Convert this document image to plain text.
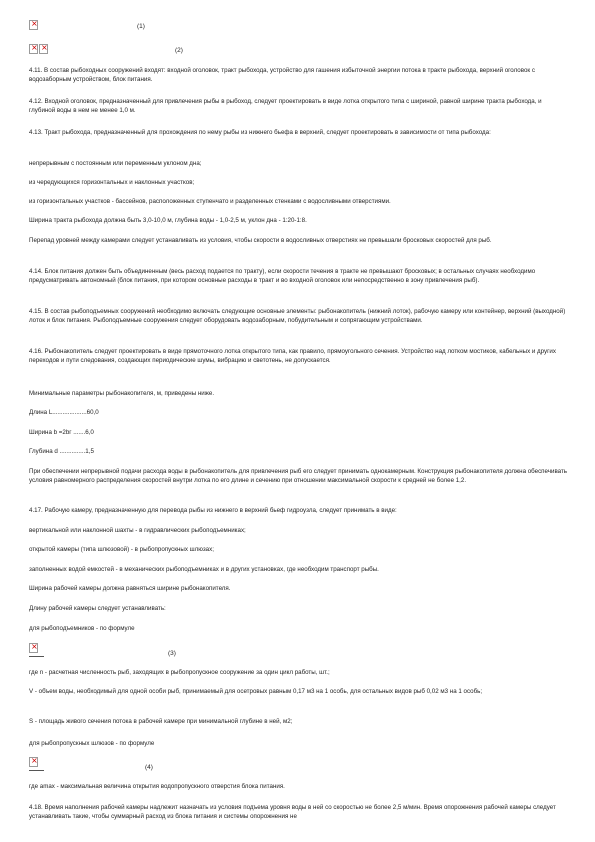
×
(1)
×
×
(2)

4.11. В состав рыбоходных сооружений входят: входной оголовок, тракт рыбохода, устройство для гашения избыточной энергии потока в тракте рыбохода, верхний оголовок с водозаборным устройством, блок питания.

4.12. Входной оголовок, предназначенный для привлечения рыбы в рыбоход, следует проектировать в виде лотка открытого типа с шириной, равной ширине тракта рыбохода, и глубиной воды в нем не менее 1,0 м.

4.13. Тракт рыбохода, предназначенный для прохождения по нему рыбы из нижнего бьефа в верхний, следует проектировать в зависимости от типа рыбохода:

непрерывным с постоянным или переменным уклоном дна;

из чередующихся горизонтальных и наклонных участков;

из горизонтальных участков - бассейнов, расположенных ступенчато и разделенных стенками с водосливными отверстиями.

Ширина тракта рыбохода должна быть 3,0-10,0 м, глубина воды - 1,0-2,5 м, уклон дна - 1:20-1:8.

Перепад уровней между камерами следует устанавливать из условия, чтобы скорости в водосливных отверстиях не превышали бросковых скоростей для рыб.

4.14. Блок питания должен быть объединенным (весь расход подается по тракту), если скорости течения в тракте не превышают бросковых; в остальных случаях необходимо предусматривать автономный (блок питания, при котором основные расходы в тракт и во входной оголовок или непосредственно в зону привлечения рыб).

4.15. В состав рыбоподъемных сооружений необходимо включать следующие основные элементы: рыбонакопитель (нижний лоток), рабочую камеру или контейнер, верхний (выходной) лоток и блок питания. Рыбоподъемные сооружения следует оборудовать водозаборным, побудительным и сопрягающим устройствами.

4.16. Рыбонакопитель следует проектировать в виде прямоточного лотка открытого типа, как правило, прямоугольного сечения. Устройство над лотком мостиков, кабельных и других переходов и пути следования, создающих периодические шумы, вибрацию и светотень, не допускается.

Минимальные параметры рыбонакопителя, м, приведены ниже.

Длина L....................60,0

Ширина b =2bг .......6,0

Глубина d ...............1,5

При обеспечении непрерывной подачи расхода воды в рыбонакопитель для привлечения рыб его следует принимать однокамерным. Конструкция рыбонакопителя должна обеспечивать условия равномерного распределения скоростей внутри лотка по его длине и сечению при отношении максимальной скорости к средней не более 1,2.

4.17. Рабочую камеру, предназначенную для перевода рыбы из нижнего в верхний бьеф гидроузла, следует принимать в виде:

вертикальной или наклонной шахты - в гидравлических рыбоподъемниках;

открытой камеры (типа шлюзовой) - в рыбопропускных шлюзах;

заполненных водой емкостей - в механических рыбоподъемниках и в других установках, где необходим транспорт рыбы.

Ширина рабочей камеры должна равняться ширине рыбонакопителя.

Длину рабочей камеры следует устанавливать:

для рыбоподъемников - по формуле

×
(3)

где n - расчетная численность рыб, заходящих в рыбопропускное сооружение за один цикл работы, шт.;

V - объем воды, необходимый для одной особи рыб, принимаемый для осетровых равным 0,17 м3 на 1 особь, для остальных видов рыб 0,02 м3 на 1 особь;

S - площадь живого сечения потока в рабочей камере при минимальной глубине в ней, м2;

для рыбопропускных шлюзов - по формуле

×
(4)

где amax - максимальная величина открытия водопропускного отверстия блока питания.

4.18. Время наполнения рабочей камеры надлежит назначать из условия подъема уровня воды в ней со скоростью не более 2,5 м/мин. Время опорожнения рабочей камеры следует устанавливать такие, чтобы суммарный расход из блока питания и системы опорожнения не
